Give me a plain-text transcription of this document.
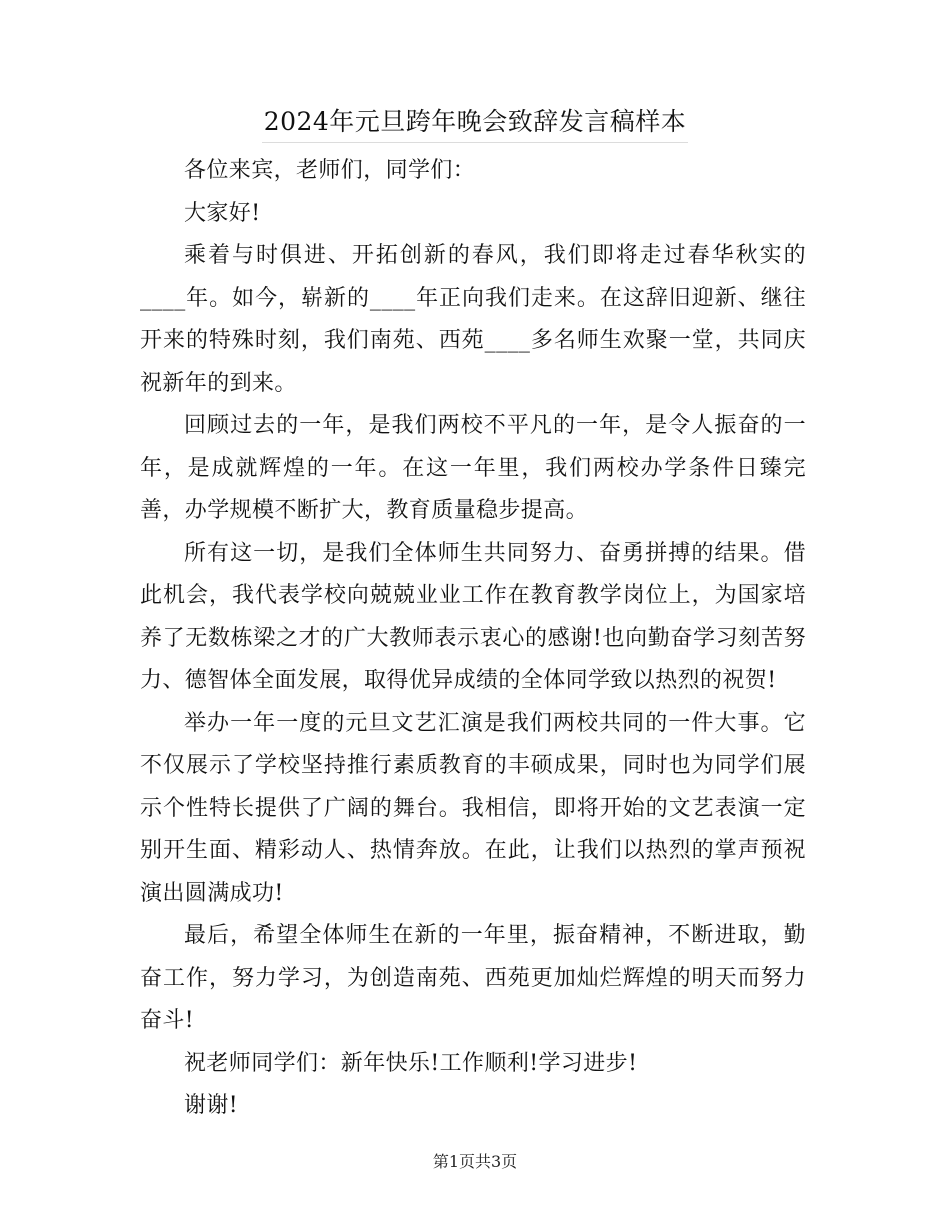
2024年元旦跨年晚会致辞发言稿样本

各位来宾，老师们，同学们：

大家好!

乘着与时俱进、开拓创新的春风，我们即将走过春华秋实的____年。如今，崭新的____年正向我们走来。在这辞旧迎新、继往开来的特殊时刻，我们南苑、西苑____多名师生欢聚一堂，共同庆祝新年的到来。

回顾过去的一年，是我们两校不平凡的一年，是令人振奋的一年，是成就辉煌的一年。在这一年里，我们两校办学条件日臻完善，办学规模不断扩大，教育质量稳步提高。

所有这一切，是我们全体师生共同努力、奋勇拼搏的结果。借此机会，我代表学校向兢兢业业工作在教育教学岗位上，为国家培养了无数栋梁之才的广大教师表示衷心的感谢!也向勤奋学习刻苦努力、德智体全面发展，取得优异成绩的全体同学致以热烈的祝贺!

举办一年一度的元旦文艺汇演是我们两校共同的一件大事。它不仅展示了学校坚持推行素质教育的丰硕成果，同时也为同学们展示个性特长提供了广阔的舞台。我相信，即将开始的文艺表演一定别开生面、精彩动人、热情奔放。在此，让我们以热烈的掌声预祝演出圆满成功!

最后，希望全体师生在新的一年里，振奋精神，不断进取，勤奋工作，努力学习，为创造南苑、西苑更加灿烂辉煌的明天而努力奋斗!

祝老师同学们：新年快乐!工作顺利!学习进步!

谢谢!

第1页共3页
